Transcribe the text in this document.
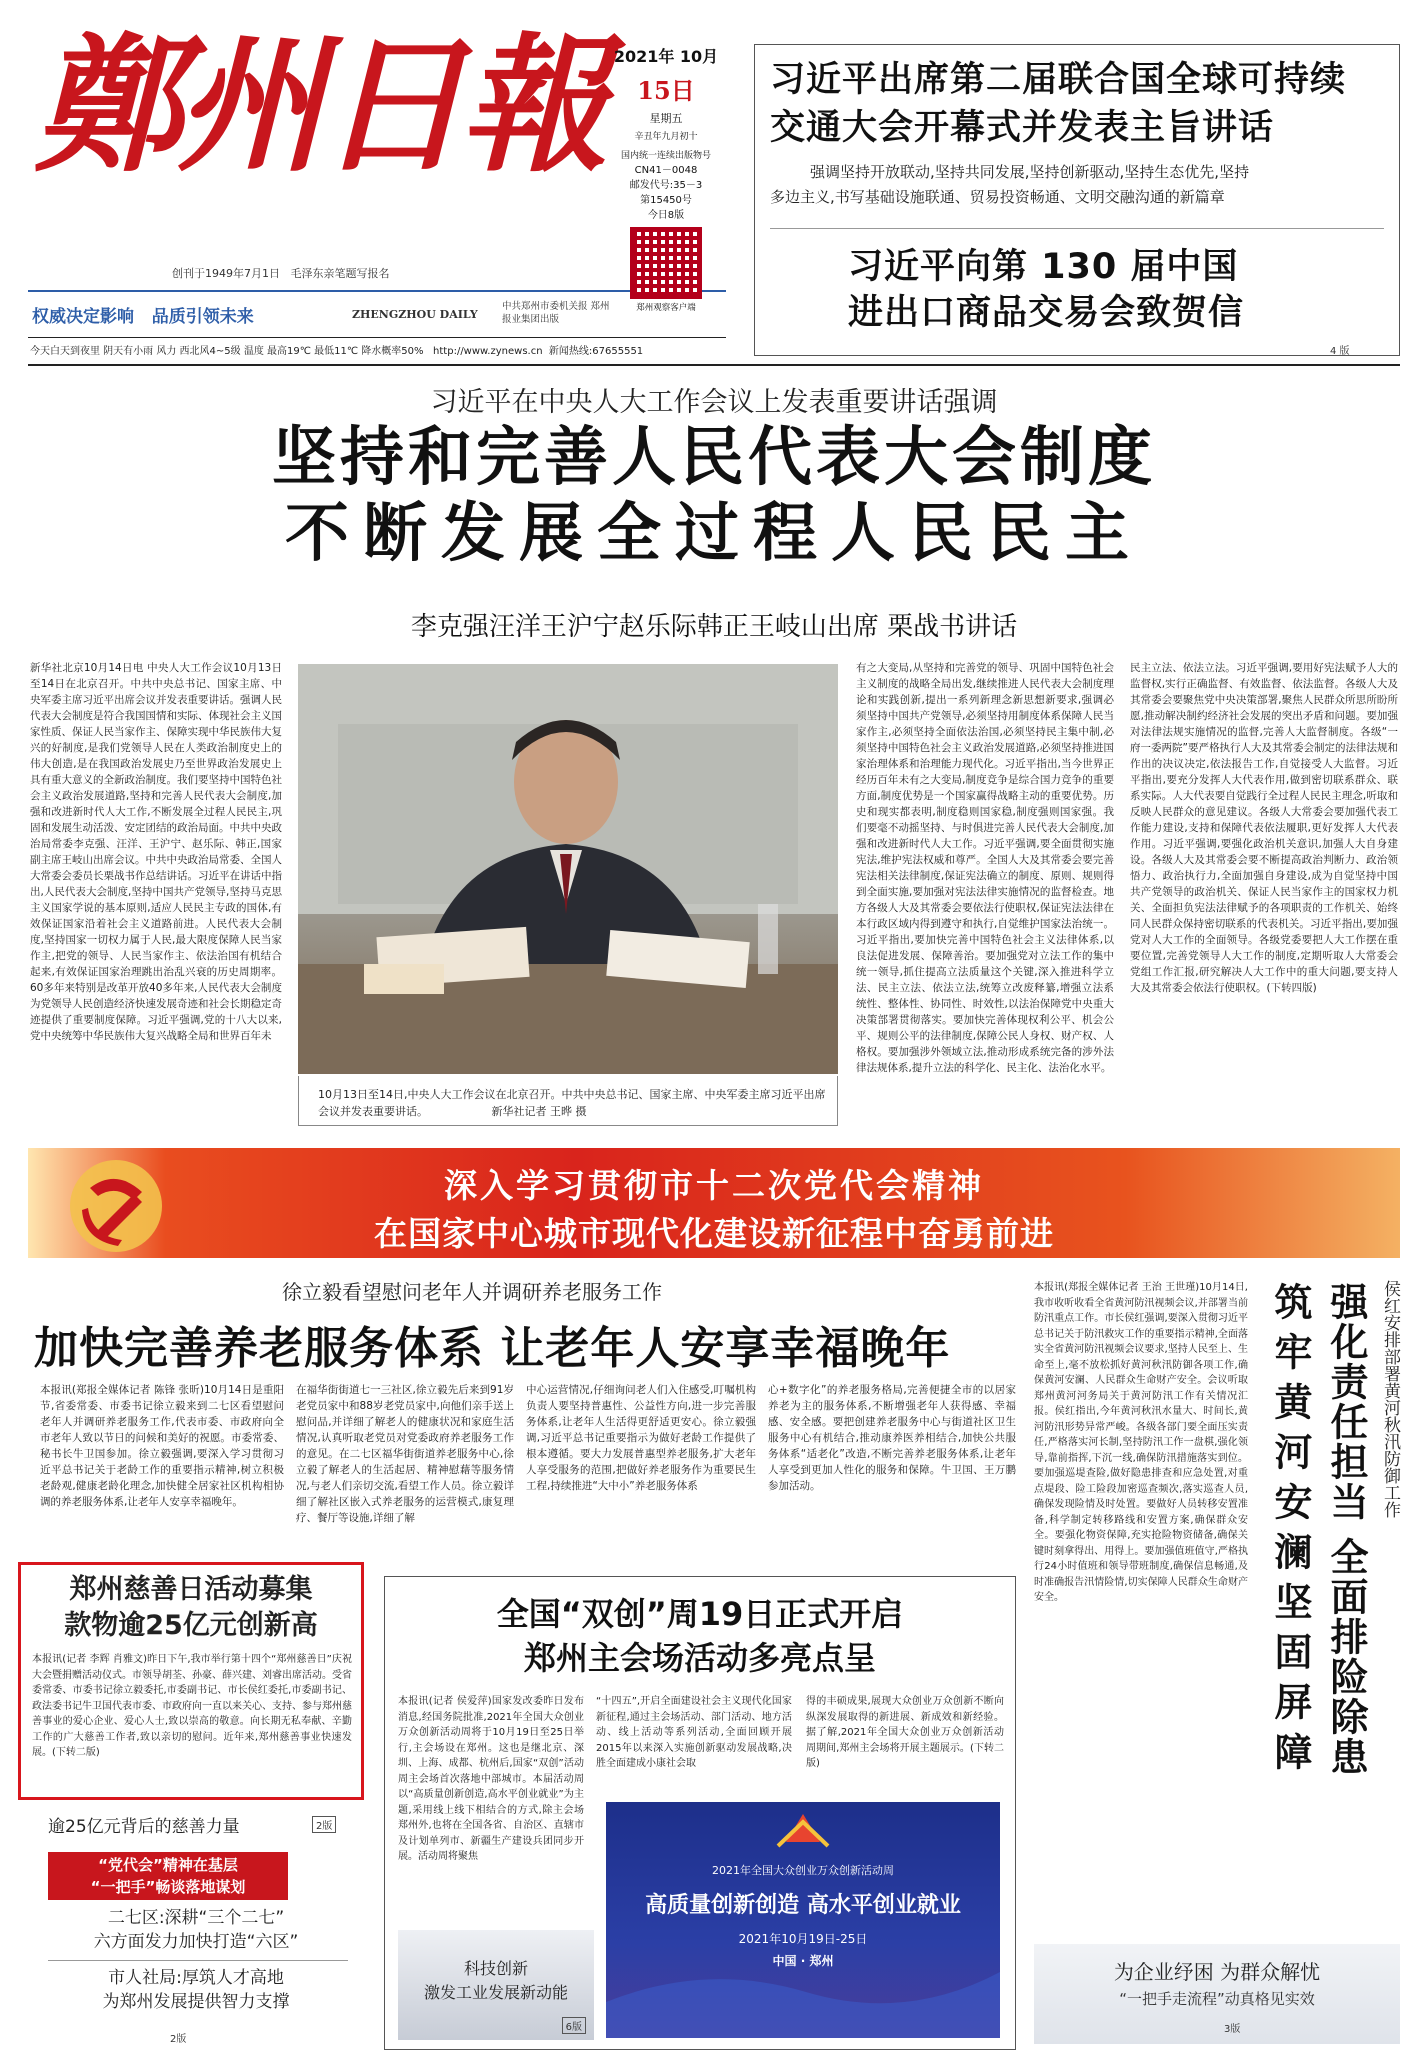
鄭州日報
创刊于1949年7月1日 毛泽东亲笔题写报名
权威决定影响 品质引领未来	ZHENGZHOU DAILY
中共郑州市委机关报 郑州报业集团出版
2021年 10月
15日
星期五
辛丑年九月初十
国内统一连续出版物号
CN41－0048
邮发代号:35－3
第15450号
今日8版
郑州观察客户端
今天白天到夜里 阴天有小雨 风力 西北风4~5级 温度 最高19℃ 最低11℃ 降水概率50% http://www.zynews.cn 新闻热线:67655551
习近平出席第二届联合国全球可持续
交通大会开幕式并发表主旨讲话
强调坚持开放联动,坚持共同发展,坚持创新驱动,坚持生态优先,坚持
多边主义,书写基础设施联通、贸易投资畅通、文明交融沟通的新篇章
习近平向第 130 届中国
进出口商品交易会致贺信
4 版
习近平在中央人大工作会议上发表重要讲话强调
坚持和完善人民代表大会制度
不断发展全过程人民民主
李克强汪洋王沪宁赵乐际韩正王岐山出席 栗战书讲话
新华社北京10月14日电 中央人大工作会议10月13日至14日在北京召开。中共中央总书记、国家主席、中央军委主席习近平出席会议并发表重要讲话。强调人民代表大会制度是符合我国国情和实际、体现社会主义国家性质、保证人民当家作主、保障实现中华民族伟大复兴的好制度,是我们党领导人民在人类政治制度史上的伟大创造,是在我国政治发展史乃至世界政治发展史上具有重大意义的全新政治制度。我们要坚持中国特色社会主义政治发展道路,坚持和完善人民代表大会制度,加强和改进新时代人大工作,不断发展全过程人民民主,巩固和发展生动活泼、安定团结的政治局面。中共中央政治局常委李克强、汪洋、王沪宁、赵乐际、韩正,国家副主席王岐山出席会议。中共中央政治局常委、全国人大常委会委员长栗战书作总结讲话。习近平在讲话中指出,人民代表大会制度,坚持中国共产党领导,坚持马克思主义国家学说的基本原则,适应人民民主专政的国体,有效保证国家沿着社会主义道路前进。人民代表大会制度,坚持国家一切权力属于人民,最大限度保障人民当家作主,把党的领导、人民当家作主、依法治国有机结合起来,有效保证国家治理跳出治乱兴衰的历史周期率。60多年来特别是改革开放40多年来,人民代表大会制度为党领导人民创造经济快速发展奇迹和社会长期稳定奇迹提供了重要制度保障。习近平强调,党的十八大以来,党中央统筹中华民族伟大复兴战略全局和世界百年未
10月13日至14日,中央人大工作会议在北京召开。中共中央总书记、国家主席、中央军委主席习近平出席会议并发表重要讲话。	新华社记者 王晔 摄
有之大变局,从坚持和完善党的领导、巩固中国特色社会主义制度的战略全局出发,继续推进人民代表大会制度理论和实践创新,提出一系列新理念新思想新要求,强调必须坚持中国共产党领导,必须坚持用制度体系保障人民当家作主,必须坚持全面依法治国,必须坚持民主集中制,必须坚持中国特色社会主义政治发展道路,必须坚持推进国家治理体系和治理能力现代化。习近平指出,当今世界正经历百年未有之大变局,制度竞争是综合国力竞争的重要方面,制度优势是一个国家赢得战略主动的重要优势。历史和现实都表明,制度稳则国家稳,制度强则国家强。我们要毫不动摇坚持、与时俱进完善人民代表大会制度,加强和改进新时代人大工作。习近平强调,要全面贯彻实施宪法,维护宪法权威和尊严。全国人大及其常委会要完善宪法相关法律制度,保证宪法确立的制度、原则、规则得到全面实施,要加强对宪法法律实施情况的监督检查。地方各级人大及其常委会要依法行使职权,保证宪法法律在本行政区域内得到遵守和执行,自觉维护国家法治统一。习近平指出,要加快完善中国特色社会主义法律体系,以良法促进发展、保障善治。要加强党对立法工作的集中统一领导,抓住提高立法质量这个关键,深入推进科学立法、民主立法、依法立法,统筹立改废释纂,增强立法系统性、整体性、协同性、时效性,以法治保障党中央重大决策部署贯彻落实。要加快完善体现权利公平、机会公平、规则公平的法律制度,保障公民人身权、财产权、人格权。要加强涉外领域立法,推动形成系统完备的涉外法律法规体系,提升立法的科学化、民主化、法治化水平。
民主立法、依法立法。习近平强调,要用好宪法赋予人大的监督权,实行正确监督、有效监督、依法监督。各级人大及其常委会要聚焦党中央决策部署,聚焦人民群众所思所盼所愿,推动解决制约经济社会发展的突出矛盾和问题。要加强对法律法规实施情况的监督,完善人大监督制度。各级“一府一委两院”要严格执行人大及其常委会制定的法律法规和作出的决议决定,依法报告工作,自觉接受人大监督。习近平指出,要充分发挥人大代表作用,做到密切联系群众、联系实际。人大代表要自觉践行全过程人民民主理念,听取和反映人民群众的意见建议。各级人大常委会要加强代表工作能力建设,支持和保障代表依法履职,更好发挥人大代表作用。习近平强调,要强化政治机关意识,加强人大自身建设。各级人大及其常委会要不断提高政治判断力、政治领悟力、政治执行力,全面加强自身建设,成为自觉坚持中国共产党领导的政治机关、保证人民当家作主的国家权力机关、全面担负宪法法律赋予的各项职责的工作机关、始终同人民群众保持密切联系的代表机关。习近平指出,要加强党对人大工作的全面领导。各级党委要把人大工作摆在重要位置,完善党领导人大工作的制度,定期听取人大常委会党组工作汇报,研究解决人大工作中的重大问题,要支持人大及其常委会依法行使职权。(下转四版)
深入学习贯彻市十二次党代会精神
在国家中心城市现代化建设新征程中奋勇前进
徐立毅看望慰问老年人并调研养老服务工作
加快完善养老服务体系 让老年人安享幸福晚年
本报讯(郑报全媒体记者 陈锋 张昕)10月14日是重阳节,省委常委、市委书记徐立毅来到二七区看望慰问老年人并调研养老服务工作,代表市委、市政府向全市老年人致以节日的问候和美好的祝愿。市委常委、秘书长牛卫国参加。徐立毅强调,要深入学习贯彻习近平总书记关于老龄工作的重要指示精神,树立积极老龄观,健康老龄化理念,加快健全居家社区机构相协调的养老服务体系,让老年人安享幸福晚年。
在福华街街道七一三社区,徐立毅先后来到91岁老党员家中和88岁老党员家中,向他们亲手送上慰问品,并详细了解老人的健康状况和家庭生活情况,认真听取老党员对党委政府养老服务工作的意见。在二七区福华街街道养老服务中心,徐立毅了解老人的生活起居、精神慰藉等服务情况,与老人们亲切交流,看望工作人员。徐立毅详细了解社区嵌入式养老服务的运营模式,康复理疗、餐厅等设施,详细了解
中心运营情况,仔细询问老人们入住感受,叮嘱机构负责人要坚持普惠性、公益性方向,进一步完善服务体系,让老年人生活得更舒适更安心。徐立毅强调,习近平总书记重要指示为做好老龄工作提供了根本遵循。要大力发展普惠型养老服务,扩大老年人享受服务的范围,把做好养老服务作为重要民生工程,持续推进“大中小”养老服务体系
心+数字化”的养老服务格局,完善便捷全市的以居家养老为主的服务体系,不断增强老年人获得感、幸福感、安全感。要把创建养老服务中心与街道社区卫生服务中心有机结合,推动康养医养相结合,加快公共服务体系“适老化”改造,不断完善养老服务体系,让老年人享受到更加人性化的服务和保障。牛卫国、王万鹏参加活动。
本报讯(郑报全媒体记者 王治 王世瑾)10月14日,我市收听收看全省黄河防汛视频会议,并部署当前防汛重点工作。市长侯红强调,要深入贯彻习近平总书记关于防汛救灾工作的重要指示精神,全面落实全省黄河防汛视频会议要求,坚持人民至上、生命至上,毫不放松抓好黄河秋汛防御各项工作,确保黄河安澜、人民群众生命财产安全。会议听取郑州黄河河务局关于黄河防汛工作有关情况汇报。侯红指出,今年黄河秋汛水量大、时间长,黄河防汛形势异常严峻。各级各部门要全面压实责任,严格落实河长制,坚持防汛工作一盘棋,强化领导,靠前指挥,下沉一线,确保防汛措施落实到位。要加强巡堤查险,做好隐患排查和应急处置,对重点堤段、险工险段加密巡查频次,落实巡查人员,确保发现险情及时处置。要做好人员转移安置准备,科学制定转移路线和安置方案,确保群众安全。要强化物资保障,充实抢险物资储备,确保关键时刻拿得出、用得上。要加强值班值守,严格执行24小时值班和领导带班制度,确保信息畅通,及时准确报告汛情险情,切实保障人民群众生命财产安全。
侯红安排部署黄河秋汛防御工作
强化责任担当 全面排险除患
筑牢黄河安澜坚固屏障
郑州慈善日活动募集
款物逾25亿元创新高
本报讯(记者 李辉 肖雅文)昨日下午,我市举行第十四个“郑州慈善日”庆祝大会暨捐赠活动仪式。市领导胡荃、孙豪、薛兴建、刘睿出席活动。受省委常委、市委书记徐立毅委托,市委副书记、市长侯红委托,市委副书记、政法委书记牛卫国代表市委、市政府向一直以来关心、支持、参与郑州慈善事业的爱心企业、爱心人士,致以崇高的敬意。向长期无私奉献、辛勤工作的广大慈善工作者,致以亲切的慰问。近年来,郑州慈善事业快速发展。(下转二版)
逾25亿元背后的慈善力量	2版
全国“双创”周19日正式开启
郑州主会场活动多亮点呈
本报讯(记者 侯爱萍)国家发改委昨日发布消息,经国务院批准,2021年全国大众创业万众创新活动周将于10月19日至25日举行,主会场设在郑州。这也是继北京、深圳、上海、成都、杭州后,国家“双创”活动周主会场首次落地中部城市。本届活动周以“高质量创新创造,高水平创业就业”为主题,采用线上线下相结合的方式,除主会场郑州外,也将在全国各省、自治区、直辖市及计划单列市、新疆生产建设兵团同步开展。活动周将聚焦
“十四五”,开启全面建设社会主义现代化国家新征程,通过主会场活动、部门活动、地方活动、线上活动等系列活动,全面回顾开展2015年以来深入实施创新驱动发展战略,决胜全面建成小康社会取
得的丰硕成果,展现大众创业万众创新不断向纵深发展取得的新进展、新成效和新经验。据了解,2021年全国大众创业万众创新活动周期间,郑州主会场将开展主题展示。(下转二版)
2021年全国大众创业万众创新活动周
高质量创新创造 高水平创业就业
2021年10月19日-25日
中国 · 郑州
科技创新
激发工业发展新动能
6版
“党代会”精神在基层
“一把手”畅谈落地谋划
二七区:深耕“三个二七”
六方面发力加快打造“六区”
市人社局:厚筑人才高地
为郑州发展提供智力支撑
2版
为企业纾困 为群众解忧
“一把手走流程”动真格见实效
3版
